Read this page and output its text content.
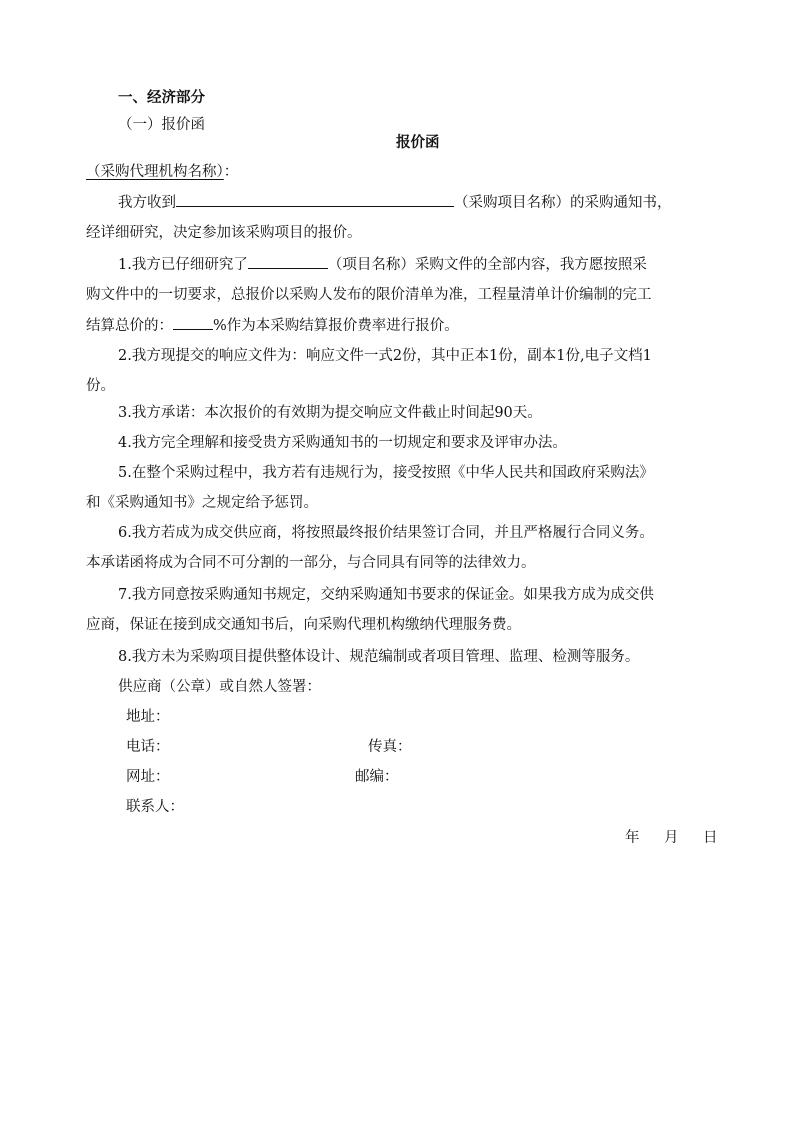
一、经济部分
（一）报价函
报价函
（采购代理机构名称）：
我方收到	（采购项目名称）的采购通知书，
经详细研究，决定参加该采购项目的报价。
1.我方已仔细研究了	（项目名称）采购文件的全部内容，我方愿按照采
购文件中的一切要求，总报价以采购人发布的限价清单为准，工程量清单计价编制的完工
结算总价的：	%作为本采购结算报价费率进行报价。
2.我方现提交的响应文件为：响应文件一式2份，其中正本1份，副本1份,电子文档1
份。
3.我方承诺：本次报价的有效期为提交响应文件截止时间起90天。
4.我方完全理解和接受贵方采购通知书的一切规定和要求及评审办法。
5.在整个采购过程中，我方若有违规行为，接受按照《中华人民共和国政府采购法》
和《采购通知书》之规定给予惩罚。
6.我方若成为成交供应商，将按照最终报价结果签订合同，并且严格履行合同义务。
本承诺函将成为合同不可分割的一部分，与合同具有同等的法律效力。
7.我方同意按采购通知书规定，交纳采购通知书要求的保证金。如果我方成为成交供
应商，保证在接到成交通知书后，向采购代理机构缴纳代理服务费。
8.我方未为采购项目提供整体设计、规范编制或者项目管理、监理、检测等服务。
供应商（公章）或自然人签署：
地址：
电话：	传真：
网址：	邮编：
联系人：
年 月 日
